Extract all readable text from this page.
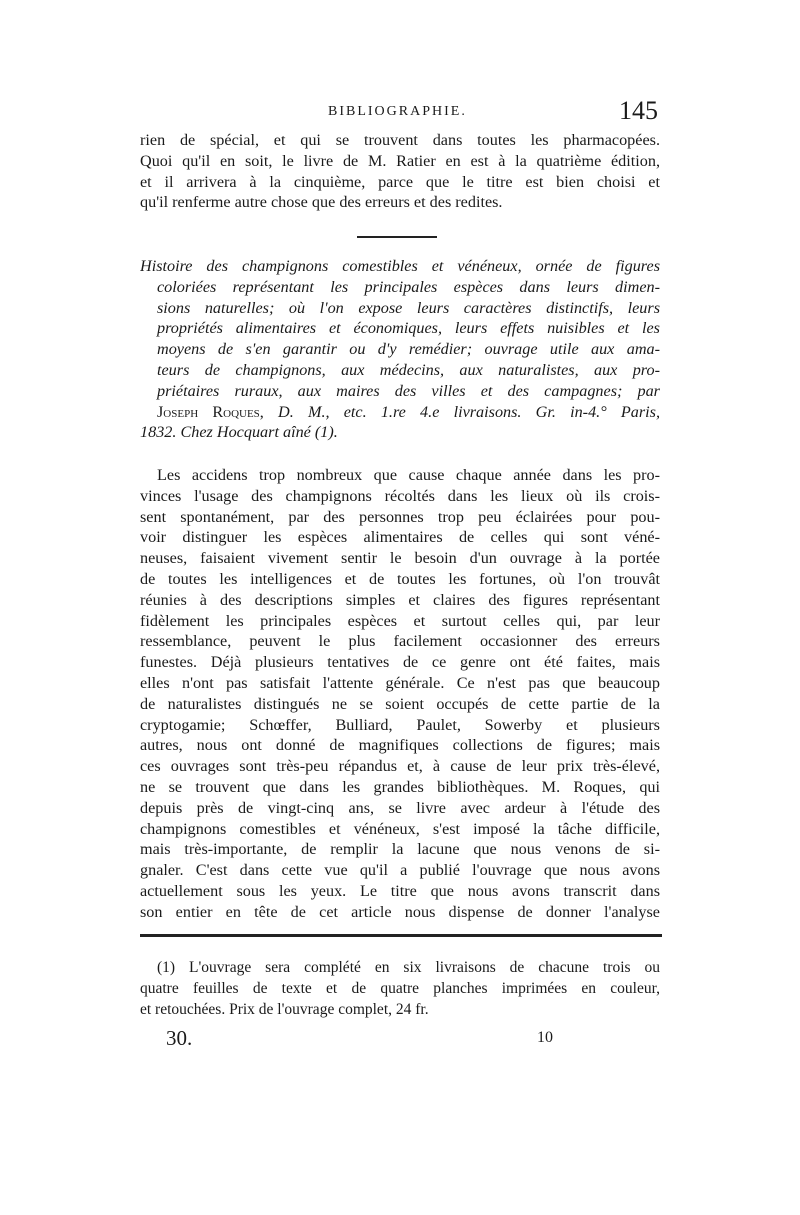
BIBLIOGRAPHIE.	145
rien de spécial, et qui se trouvent dans toutes les pharmacopées.
Quoi qu'il en soit, le livre de M. Ratier en est à la quatrième édition,
et il arrivera à la cinquième, parce que le titre est bien choisi et
qu'il renferme autre chose que des erreurs et des redites.
Histoire des champignons comestibles et vénéneux, ornée de figures
coloriées représentant les principales espèces dans leurs dimen-
sions naturelles; où l'on expose leurs caractères distinctifs, leurs
propriétés alimentaires et économiques, leurs effets nuisibles et les
moyens de s'en garantir ou d'y remédier; ouvrage utile aux ama-
teurs de champignons, aux médecins, aux naturalistes, aux pro-
priétaires ruraux, aux maires des villes et des campagnes; par
Joseph Roques, D. M., etc. 1.re 4.e livraisons. Gr. in-4.° Paris,
1832. Chez Hocquart aîné (1).
Les accidens trop nombreux que cause chaque année dans les pro-
vinces l'usage des champignons récoltés dans les lieux où ils crois-
sent spontanément, par des personnes trop peu éclairées pour pou-
voir distinguer les espèces alimentaires de celles qui sont véné-
neuses, faisaient vivement sentir le besoin d'un ouvrage à la portée
de toutes les intelligences et de toutes les fortunes, où l'on trouvât
réunies à des descriptions simples et claires des figures représentant
fidèlement les principales espèces et surtout celles qui, par leur
ressemblance, peuvent le plus facilement occasionner des erreurs
funestes. Déjà plusieurs tentatives de ce genre ont été faites, mais
elles n'ont pas satisfait l'attente générale. Ce n'est pas que beaucoup
de naturalistes distingués ne se soient occupés de cette partie de la
cryptogamie; Schœffer, Bulliard, Paulet, Sowerby et plusieurs
autres, nous ont donné de magnifiques collections de figures; mais
ces ouvrages sont très-peu répandus et, à cause de leur prix très-élevé,
ne se trouvent que dans les grandes bibliothèques. M. Roques, qui
depuis près de vingt-cinq ans, se livre avec ardeur à l'étude des
champignons comestibles et vénéneux, s'est imposé la tâche difficile,
mais très-importante, de remplir la lacune que nous venons de si-
gnaler. C'est dans cette vue qu'il a publié l'ouvrage que nous avons
actuellement sous les yeux. Le titre que nous avons transcrit dans
son entier en tête de cet article nous dispense de donner l'analyse
(1) L'ouvrage sera complété en six livraisons de chacune trois ou
quatre feuilles de texte et de quatre planches imprimées en couleur,
et retouchées. Prix de l'ouvrage complet, 24 fr.
30.	10
